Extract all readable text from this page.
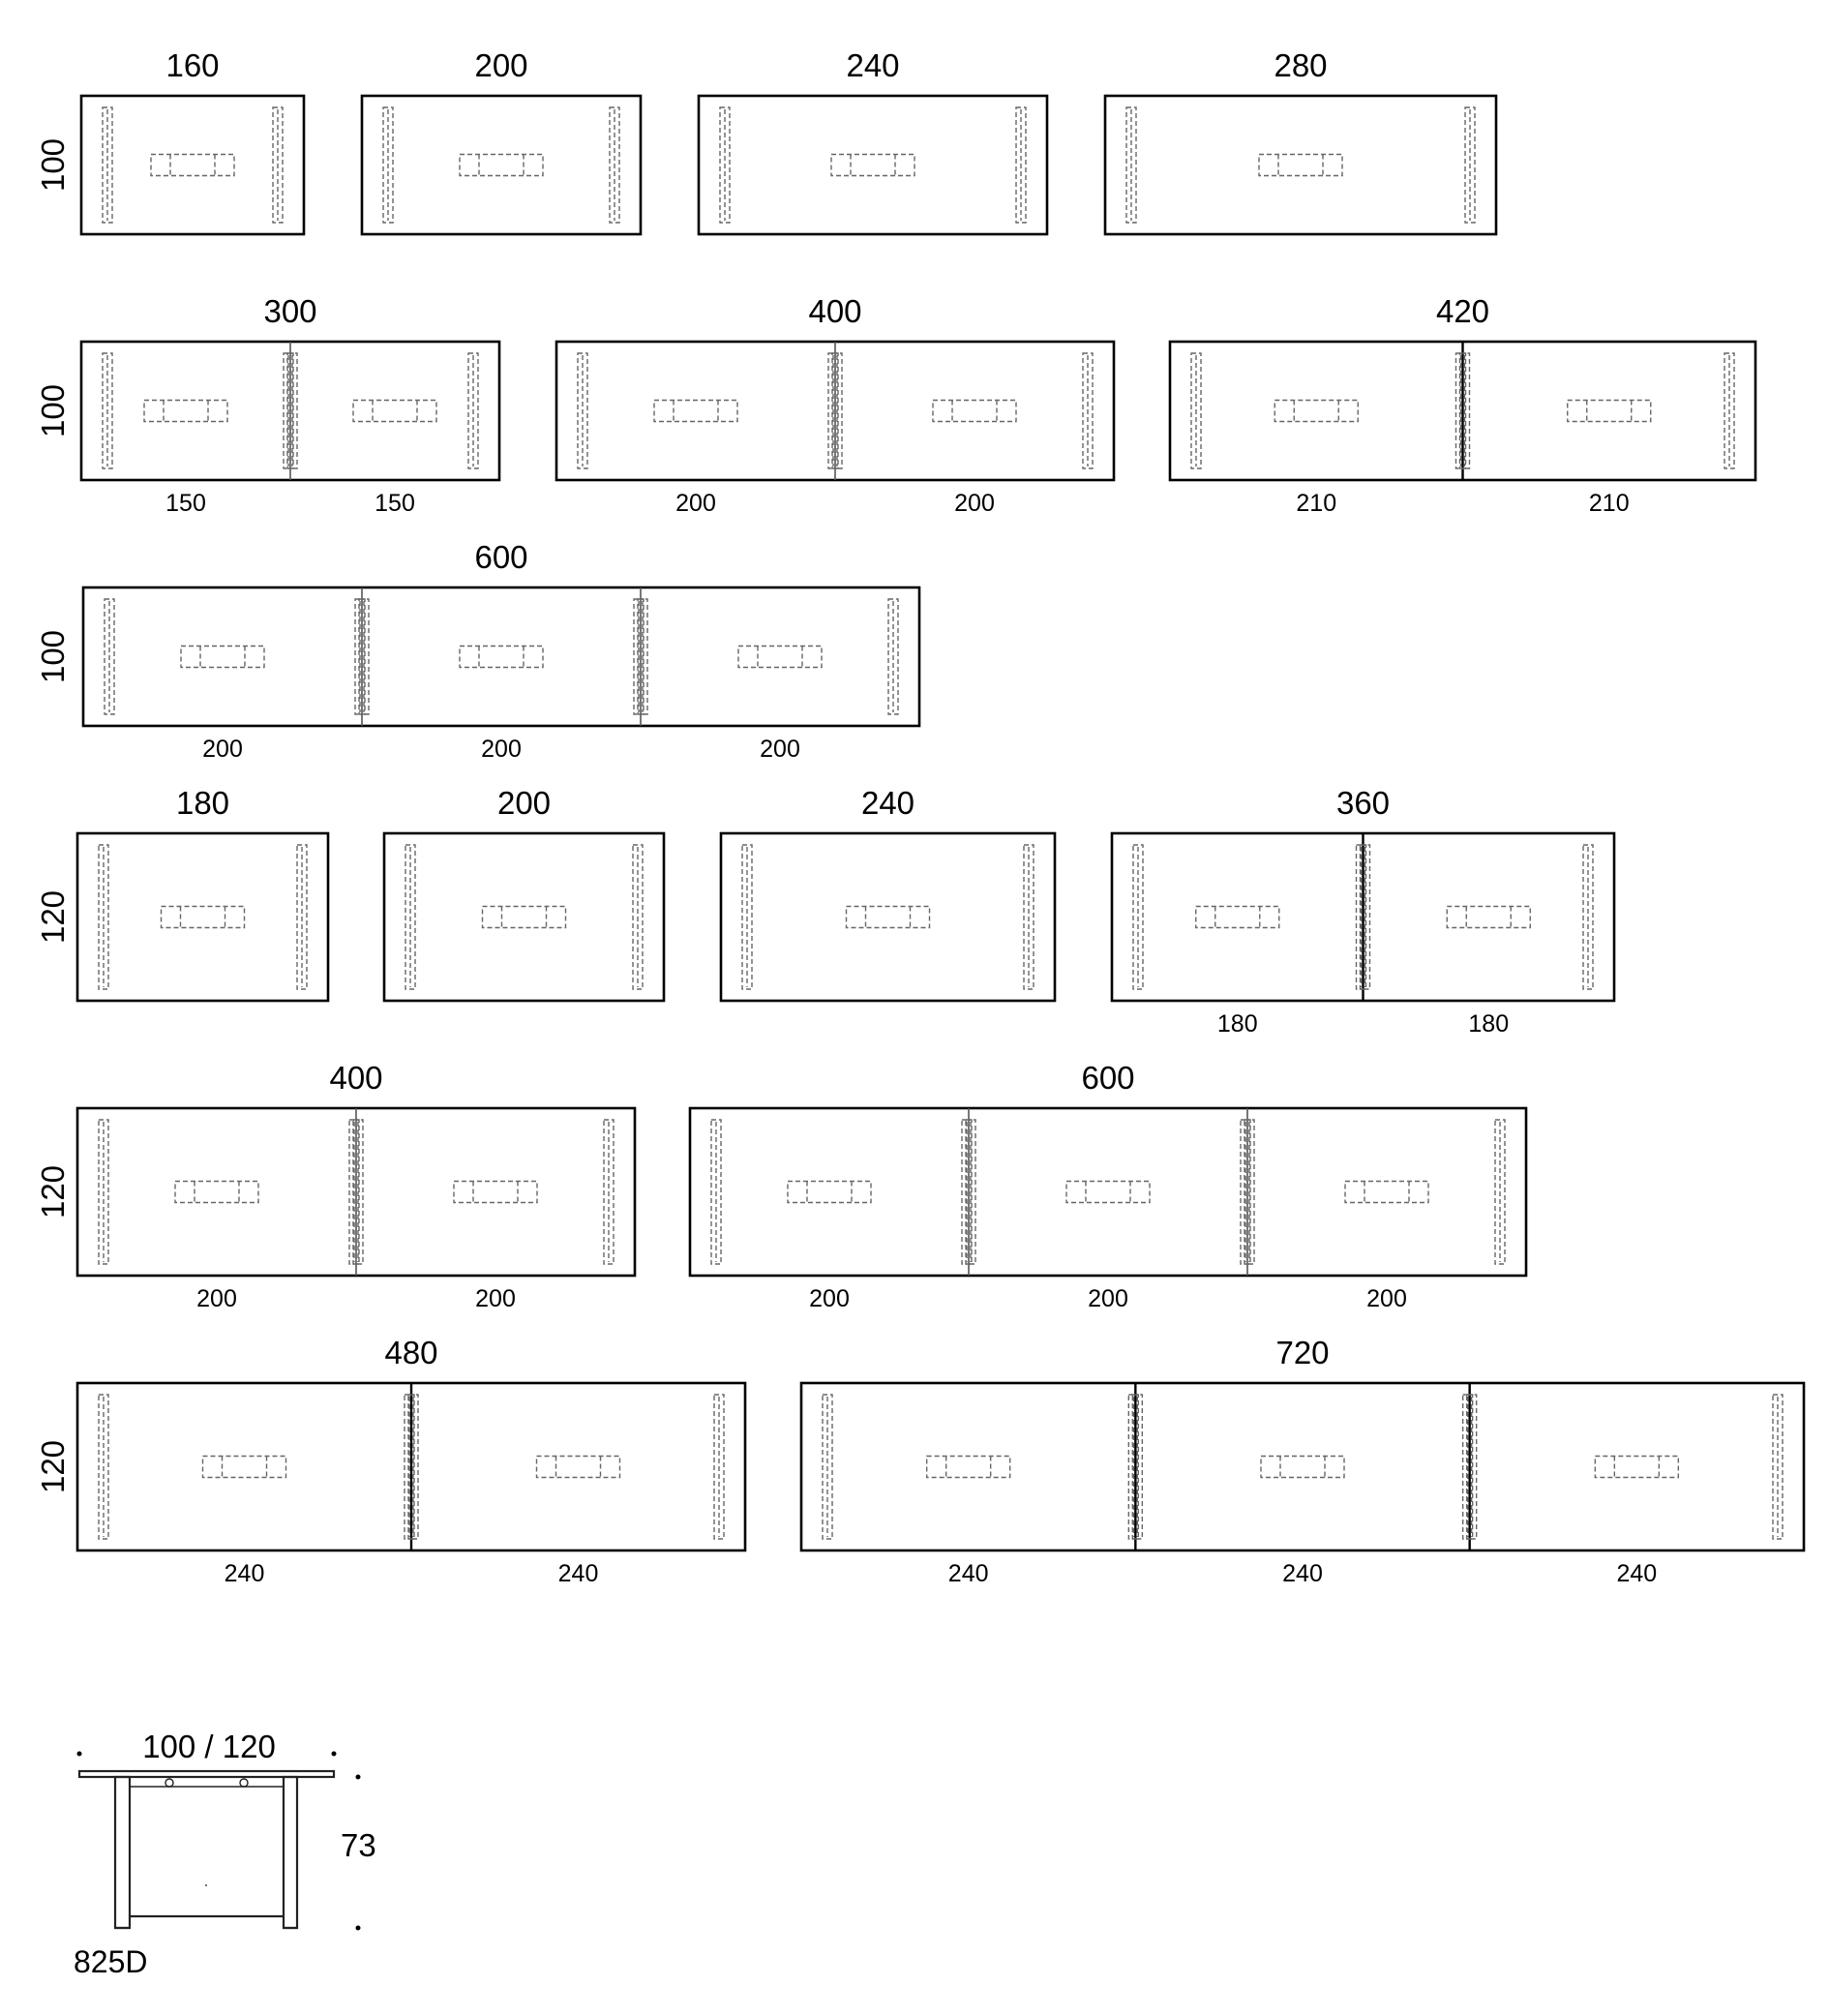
160
100
200	240	280
300
100
150	150
400
200	200
420
210	210
600
100
200	200	200
180
120
200	240	360
180	180
400
120
200	200
600
200	200	200
480
120
240	240
720
240	240	240
100 / 120
73
825D
